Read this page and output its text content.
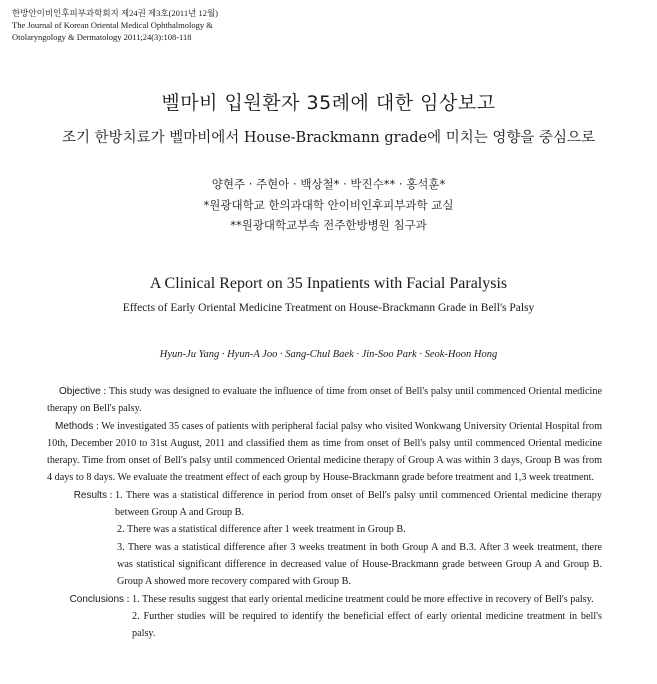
한방안이비인후피부과학회지 제24권 제3호(2011년 12월)
The Journal of Korean Oriental Medical Ophthalmology &
Otolaryngology & Dermatology 2011;24(3):108-118
벨마비 입원환자 35례에 대한 임상보고
조기 한방치료가 벨마비에서 House-Brackmann grade에 미치는 영향을 중심으로
양현주 · 주현아 · 백상철* · 박진수** · 홍석훈*
*원광대학교 한의과대학 안이비인후피부과학 교실
**원광대학교부속 전주한방병원 침구과
A Clinical Report on 35 Inpatients with Facial Paralysis
Effects of Early Oriental Medicine Treatment on House-Brackmann Grade in Bell's Palsy
Hyun-Ju Yang · Hyun-A Joo · Sang-Chul Baek · Jin-Soo Park · Seok-Hoon Hong

Objective : This study was designed to evaluate the influence of time from onset of Bell's palsy until commenced Oriental medicine therapy on Bell's palsy.

Methods : We investigated 35 cases of patients with peripheral facial palsy who visited Wonkwang University Oriental Hospital from 10th, December 2010 to 31st August, 2011 and classified them as time from onset of Bell's palsy until commenced Oriental medicine therapy. Time from onset of Bell's palsy until commenced Oriental medicine therapy of Group A was within 3 days, Group B was from 4 days to 8 days. We evaluate the treatment effect of each group by House-Brackmann grade before treatment and 1,3 week treatment.

Results : 1. There was a statistical difference in period from onset of Bell's palsy until commenced Oriental medicine therapy between Group A and Group B.

2. There was a statistical difference after 1 week treatment in Group B.

3. There was a statistical difference after 3 weeks treatment in both Group A and B.3. After 3 week treatment, there was statistical significant difference in decreased value of House-Brackmann grade between Group A and Group B. Group A showed more recovery compared with Group B.
Conclusions : 1. These results suggest that early oriental medicine treatment could be more effective in recovery of Bell's palsy.

2. Further studies will be required to identify the beneficial effect of early oriental medicine treatment in bell's palsy.
